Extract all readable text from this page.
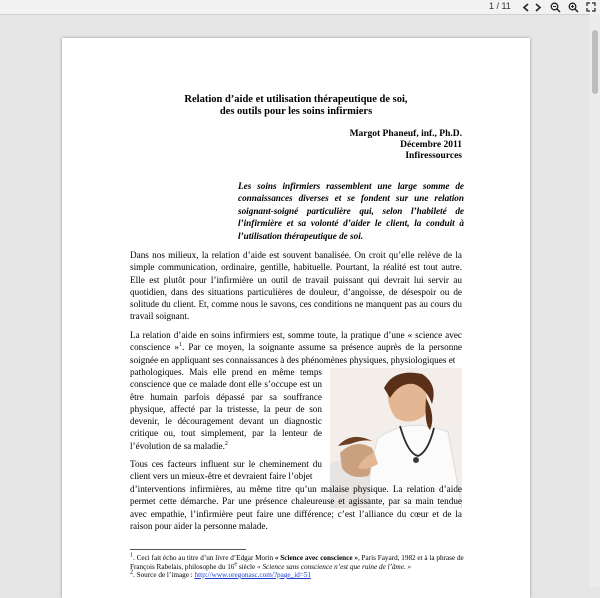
1 / 11
Relation d’aide et utilisation thérapeutique de soi,
des outils pour les soins infirmiers
Margot Phaneuf, inf., Ph.D.
Décembre 2011
Infiressources
Les soins infirmiers rassemblent une large somme de connaissances diverses et se fondent sur une relation soignant-soigné particulière qui, selon l’habileté de l’infirmière et sa volonté d’aider le client, la conduit à l’utilisation thérapeutique de soi.
Dans nos milieux, la relation d’aide est souvent banalisée. On croit qu’elle relève de la simple communication, ordinaire, gentille, habituelle. Pourtant, la réalité est tout autre. Elle est plutôt pour l’infirmière un outil de travail puissant qui devrait lui servir au quotidien, dans des situations particulières de douleur, d’angoisse, de désespoir ou de solitude du client. Et, comme nous le savons, ces conditions ne manquent pas au cours du travail soignant.
La relation d’aide en soins infirmiers est, somme toute, la pratique d’une « science avec conscience »$^1$. Par ce moyen, la soignante assume sa présence auprès de la personne soignée en appliquant ses connaissances à des phénomènes physiques, physiologiques et
pathologiques. Mais elle prend en même temps conscience que ce malade dont elle s’occupe est un être humain parfois dépassé par sa souffrance physique, affecté par la tristesse, la peur de son devenir, le découragement devant un diagnostic critique ou, tout simplement, par la lenteur de l’évolution de sa maladie.$^2$
Tous ces facteurs influent sur le cheminement du client vers un mieux-être et devraient faire l’objet
d’interventions infirmières, au même titre qu’un malaise physique. La relation d’aide permet cette démarche. Par une présence chaleureuse et agissante, par sa main tendue avec empathie, l’infirmière peut faire une différence; c’est l’alliance du cœur et de la raison pour aider la personne malade.
$^1$. Ceci fait écho au titre d’un livre d’Edgar Morin « Science avec conscience », Paris Fayard, 1982 et à la phrase de François Rabelais, philosophe du 16e siècle « Science sans conscience n’est que ruine de l’âme. »
$^2$. Source de l’image : http://www.oregonasc.com/?page_id=51
